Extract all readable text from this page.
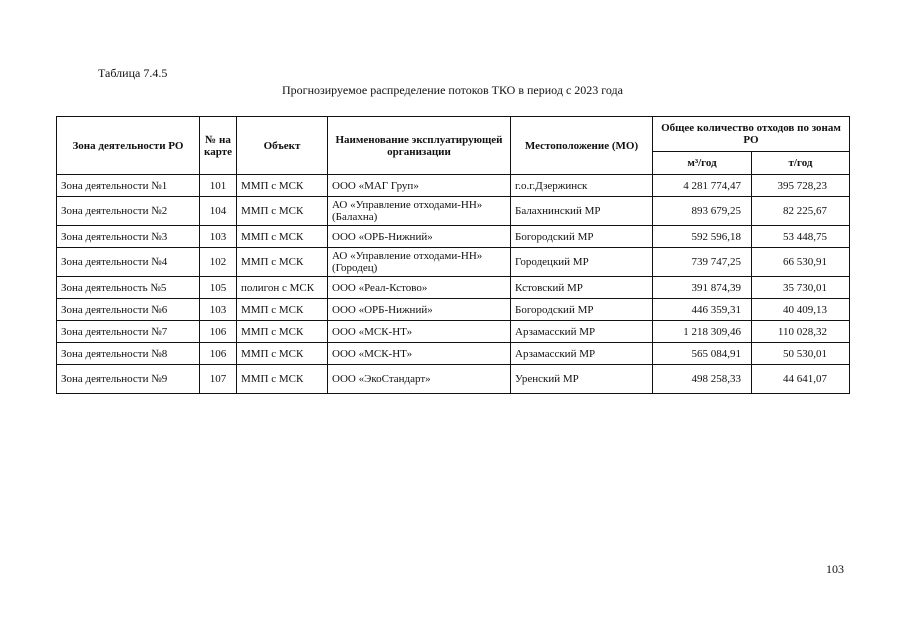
Таблица 7.4.5
Прогнозируемое распределение потоков ТКО в период с 2023 года
Зона деятельности РО	№ на карте	Объект	Наименование эксплуатирующей организации	Местоположение (МО)	Общее количество отходов по зонам РО	
					м³/год	т/год
Зона деятельности №1	101	ММП с МСК	ООО «МАГ Груп»	г.о.г.Дзержинск	4 281 774,47	395 728,23
Зона деятельности №2	104	ММП с МСК	АО «Управление отходами-НН» (Балахна)	Балахнинский МР	893 679,25	82 225,67
Зона деятельности №3	103	ММП с МСК	ООО «ОРБ-Нижний»	Богородский МР	592 596,18	53 448,75
Зона деятельности №4	102	ММП с МСК	АО «Управление отходами-НН» (Городец)	Городецкий МР	739 747,25	66 530,91
Зона деятельность №5	105	полигон с МСК	ООО «Реал-Кстово»	Кстовский МР	391 874,39	35 730,01
Зона деятельности №6	103	ММП с МСК	ООО «ОРБ-Нижний»	Богородский МР	446 359,31	40 409,13
Зона деятельности №7	106	ММП с МСК	ООО «МСК-НТ»	Арзамасский МР	1 218 309,46	110 028,32
Зона деятельности №8	106	ММП с МСК	ООО «МСК-НТ»	Арзамасский МР	565 084,91	50 530,01
Зона деятельности №9	107	ММП с МСК	ООО «ЭкоСтандарт»	Уренский МР	498 258,33	44 641,07
103
